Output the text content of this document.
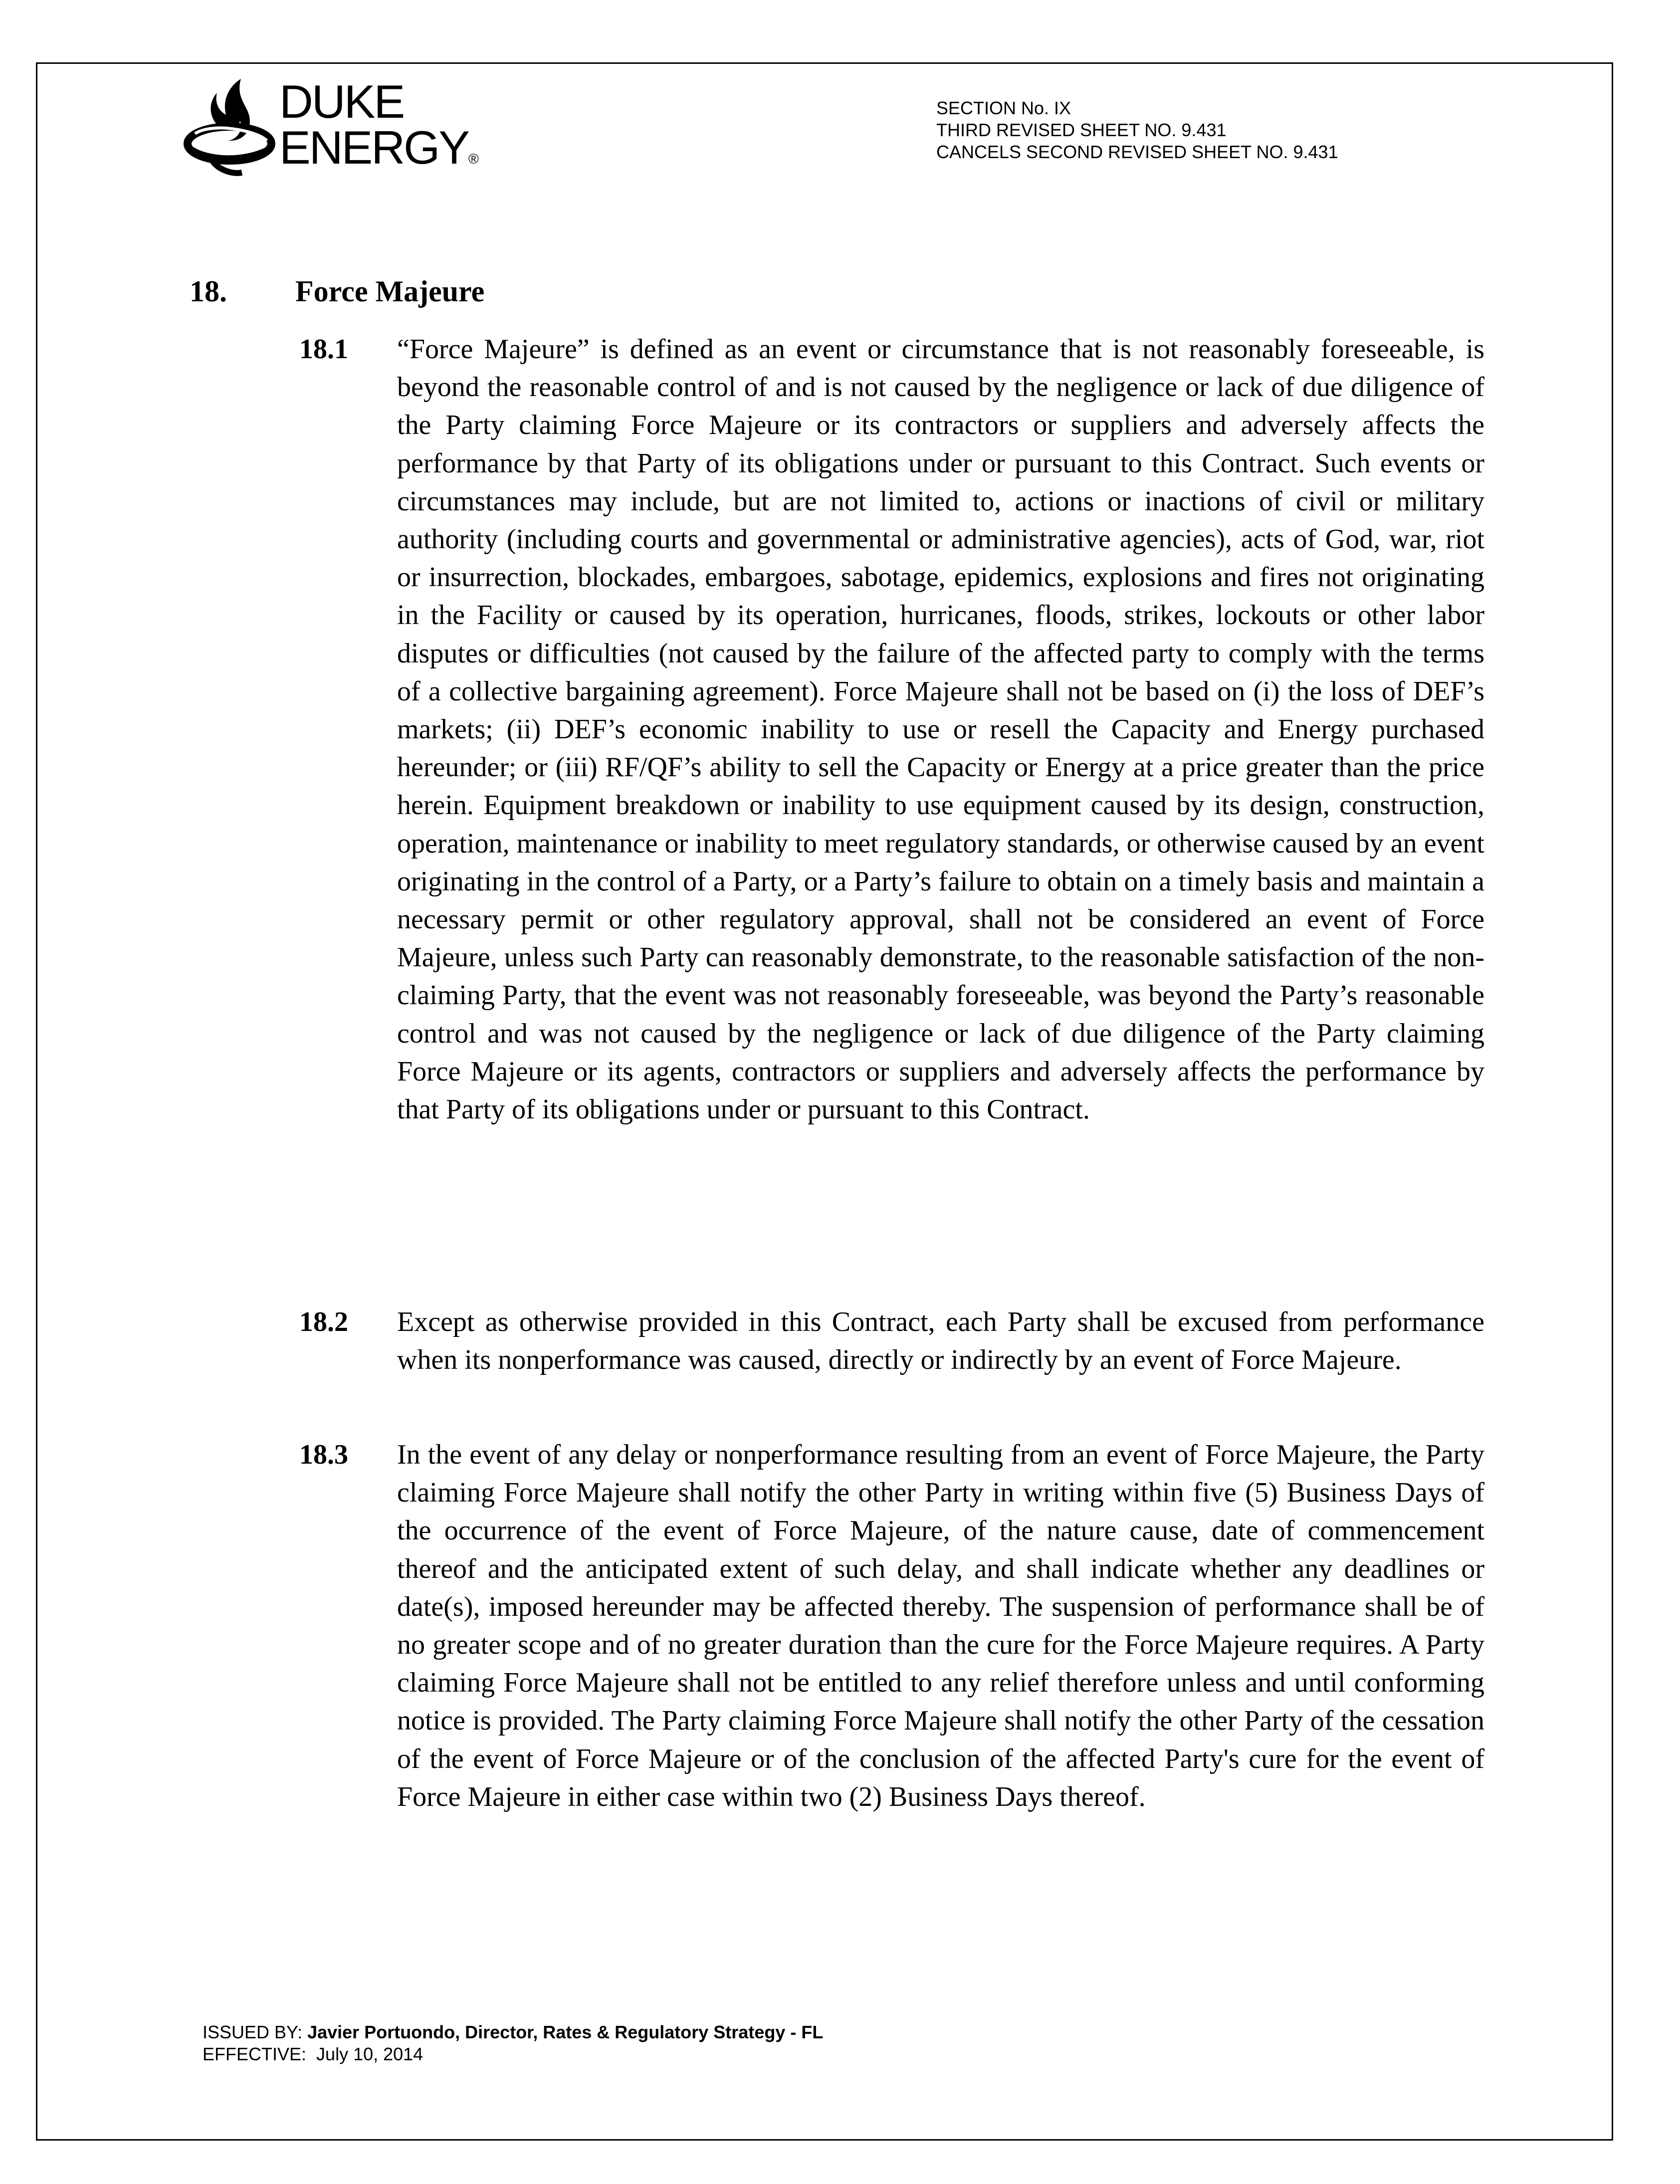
DUKE
ENERGY®
SECTION No. IX
THIRD REVISED SHEET NO. 9.431
CANCELS SECOND REVISED SHEET NO. 9.431
18. Force Majeure
18.1 “Force Majeure” is defined as an event or circumstance that is not reasonably foreseeable, is beyond the reasonable control of and is not caused by the negligence or lack of due diligence of the Party claiming Force Majeure or its contractors or suppliers and adversely affects the performance by that Party of its obligations under or pursuant to this Contract. Such events or circumstances may include, but are not limited to, actions or inactions of civil or military authority (including courts and governmental or administrative agencies), acts of God, war, riot or insurrection, blockades, embargoes, sabotage, epidemics, explosions and fires not originating in the Facility or caused by its operation, hurricanes, floods, strikes, lockouts or other labor disputes or difficulties (not caused by the failure of the affected party to comply with the terms of a collective bargaining agreement). Force Majeure shall not be based on (i) the loss of DEF’s markets; (ii) DEF’s economic inability to use or resell the Capacity and Energy purchased hereunder; or (iii) RF/QF’s ability to sell the Capacity or Energy at a price greater than the price herein. Equipment breakdown or inability to use equipment caused by its design, construction, operation, maintenance or inability to meet regulatory standards, or otherwise caused by an event originating in the control of a Party, or a Party’s failure to obtain on a timely basis and maintain a necessary permit or other regulatory approval, shall not be considered an event of Force Majeure, unless such Party can reasonably demonstrate, to the reasonable satisfaction of the non-claiming Party, that the event was not reasonably foreseeable, was beyond the Party’s reasonable control and was not caused by the negligence or lack of due diligence of the Party claiming Force Majeure or its agents, contractors or suppliers and adversely affects the performance by that Party of its obligations under or pursuant to this Contract.
18.2 Except as otherwise provided in this Contract, each Party shall be excused from performance when its nonperformance was caused, directly or indirectly by an event of Force Majeure.
18.3 In the event of any delay or nonperformance resulting from an event of Force Majeure, the Party claiming Force Majeure shall notify the other Party in writing within five (5) Business Days of the occurrence of the event of Force Majeure, of the nature cause, date of commencement thereof and the anticipated extent of such delay, and shall indicate whether any deadlines or date(s), imposed hereunder may be affected thereby. The suspension of performance shall be of no greater scope and of no greater duration than the cure for the Force Majeure requires. A Party claiming Force Majeure shall not be entitled to any relief therefore unless and until conforming notice is provided. The Party claiming Force Majeure shall notify the other Party of the cessation of the event of Force Majeure or of the conclusion of the affected Party's cure for the event of Force Majeure in either case within two (2) Business Days thereof.
ISSUED BY: Javier Portuondo, Director, Rates & Regulatory Strategy - FL
EFFECTIVE: July 10, 2014
